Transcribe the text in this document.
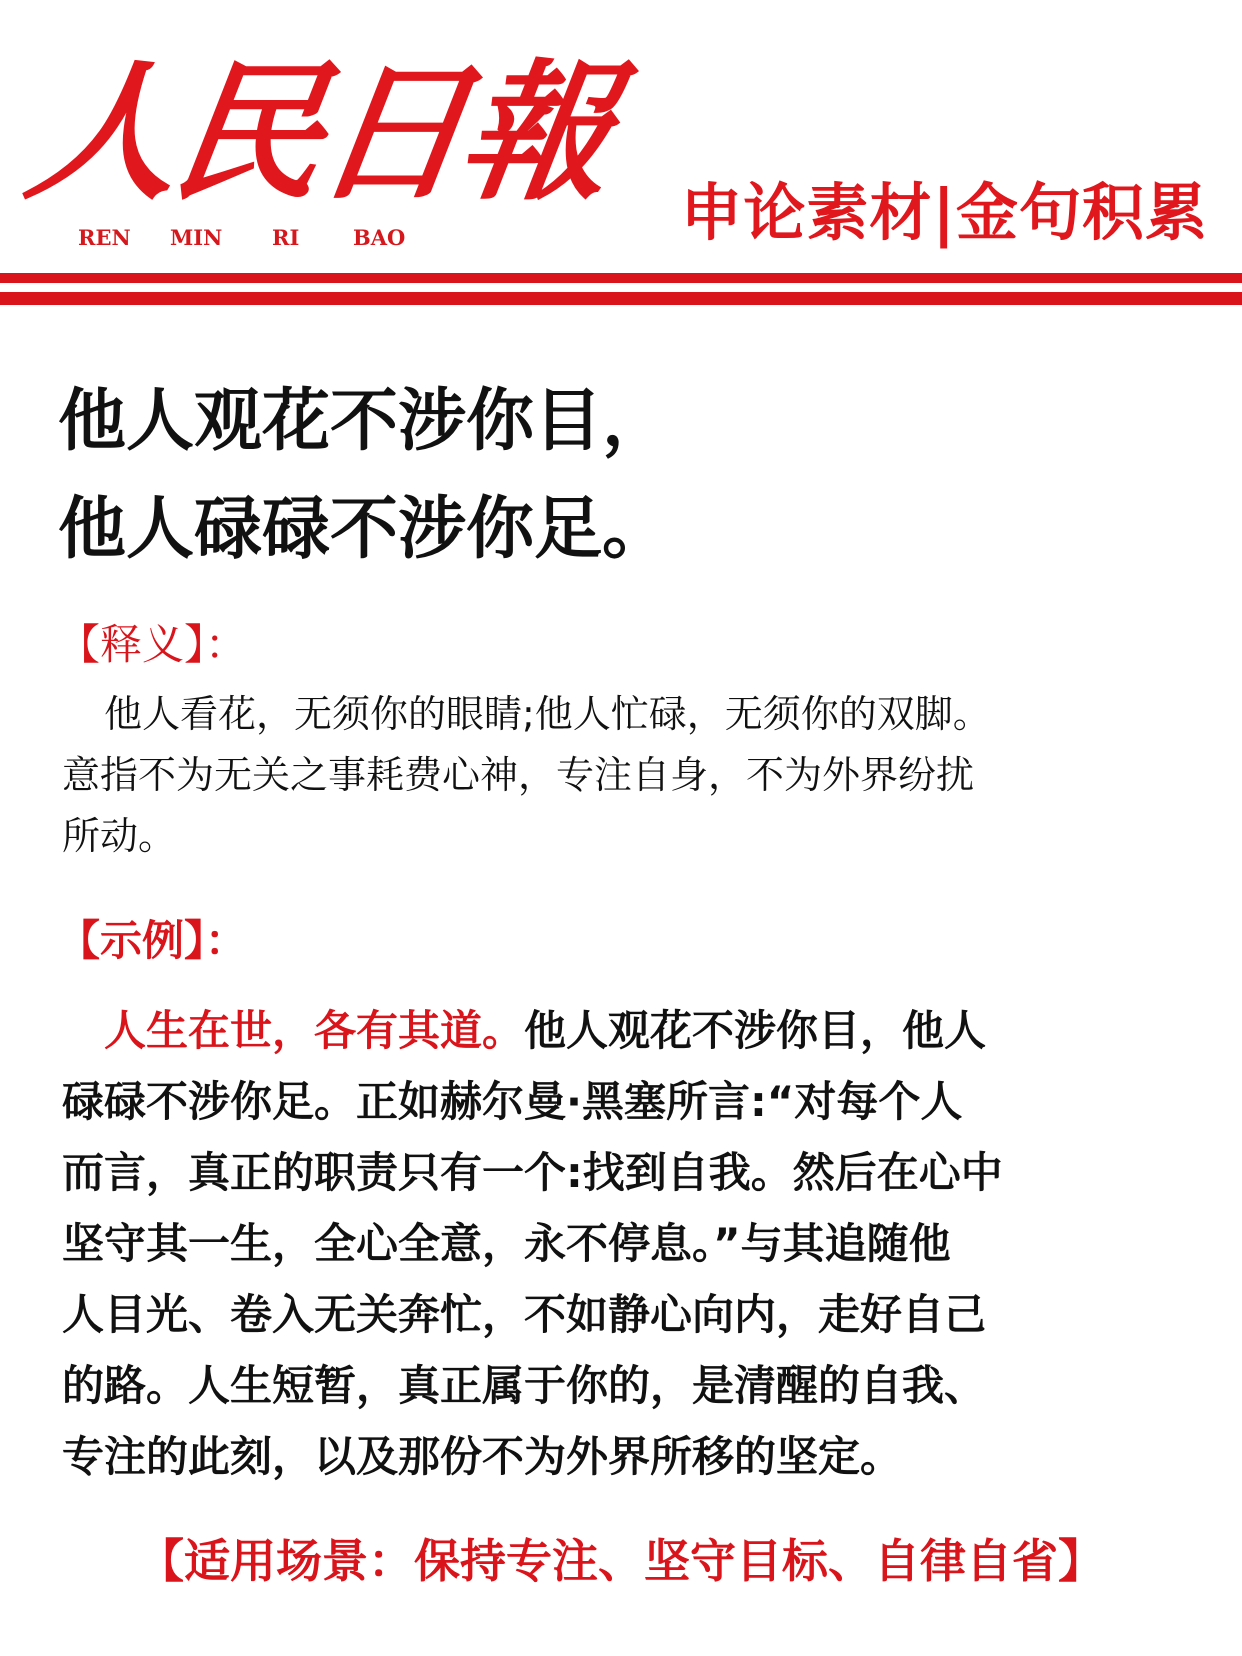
人民日報
REN MIN RI	BAO	申论素材|金句积累
他人观花不涉你目，
他人碌碌不涉你足。
【释义】：
他人看花，无须你的眼睛;他人忙碌，无须你的双脚。
意指不为无关之事耗费心神，专注自身，不为外界纷扰
所动。
【示例】：
人生在世，各有其道。他人观花不涉你目，他人
碌碌不涉你足。正如赫尔曼·黑塞所言:“对每个人
而言，真正的职责只有一个:找到自我。然后在心中
坚守其一生，全心全意，永不停息。”与其追随他
人目光、卷入无关奔忙，不如静心向内，走好自己
的路。人生短暂，真正属于你的，是清醒的自我、
专注的此刻，以及那份不为外界所移的坚定。
【适用场景：保持专注、坚守目标、自律自省】
